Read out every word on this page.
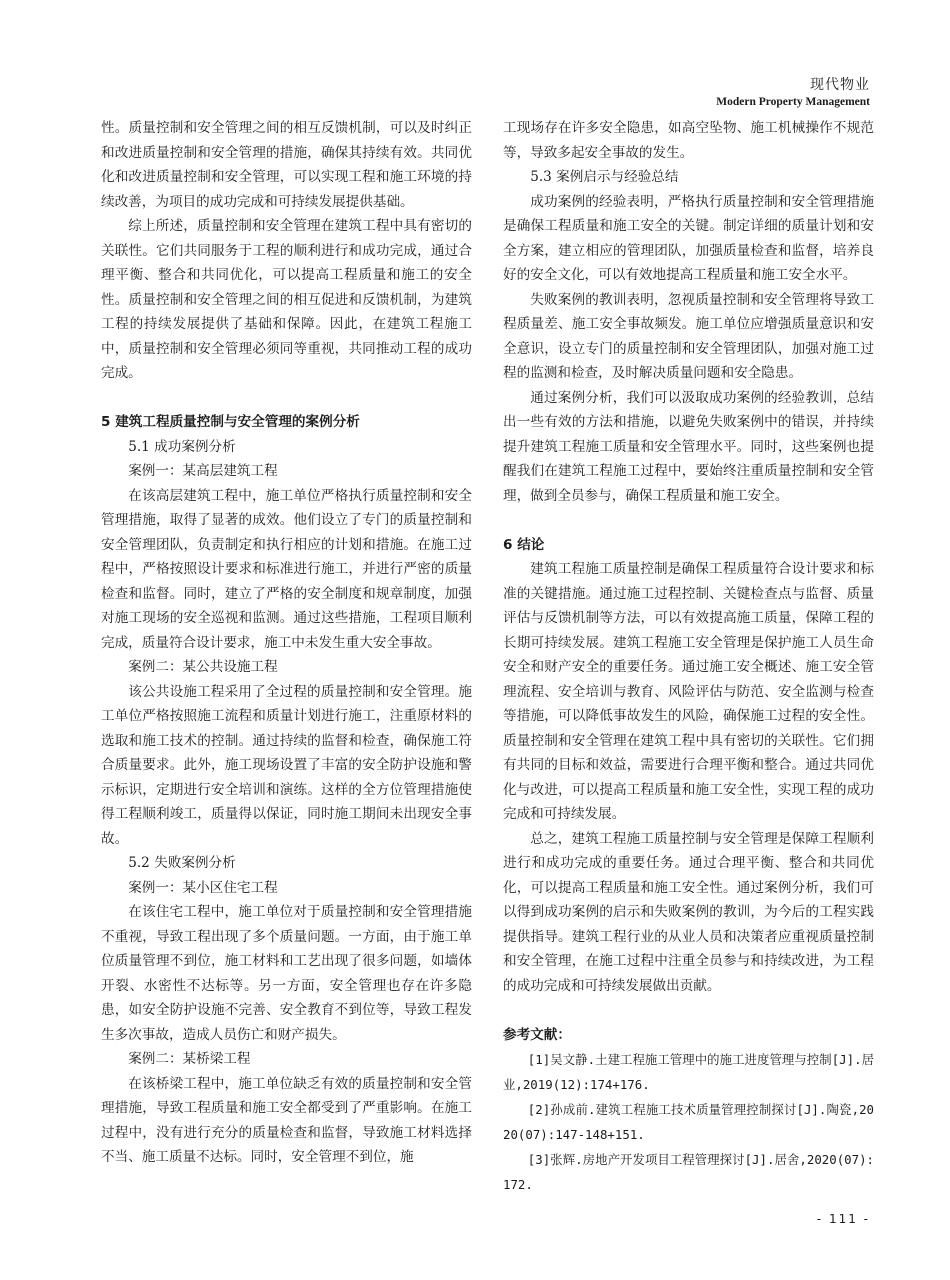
现代物业
Modern Property Management

性。质量控制和安全管理之间的相互反馈机制，可以及时纠正和改进质量控制和安全管理的措施，确保其持续有效。共同优化和改进质量控制和安全管理，可以实现工程和施工环境的持续改善，为项目的成功完成和可持续发展提供基础。

综上所述，质量控制和安全管理在建筑工程中具有密切的关联性。它们共同服务于工程的顺利进行和成功完成，通过合理平衡、整合和共同优化，可以提高工程质量和施工的安全性。质量控制和安全管理之间的相互促进和反馈机制，为建筑工程的持续发展提供了基础和保障。因此，在建筑工程施工中，质量控制和安全管理必须同等重视，共同推动工程的成功完成。

5 建筑工程质量控制与安全管理的案例分析

5.1 成功案例分析

案例一：某高层建筑工程

在该高层建筑工程中，施工单位严格执行质量控制和安全管理措施，取得了显著的成效。他们设立了专门的质量控制和安全管理团队，负责制定和执行相应的计划和措施。在施工过程中，严格按照设计要求和标准进行施工，并进行严密的质量检查和监督。同时，建立了严格的安全制度和规章制度，加强对施工现场的安全巡视和监测。通过这些措施，工程项目顺利完成，质量符合设计要求，施工中未发生重大安全事故。

案例二：某公共设施工程

该公共设施工程采用了全过程的质量控制和安全管理。施工单位严格按照施工流程和质量计划进行施工，注重原材料的选取和施工技术的控制。通过持续的监督和检查，确保施工符合质量要求。此外，施工现场设置了丰富的安全防护设施和警示标识，定期进行安全培训和演练。这样的全方位管理措施使得工程顺利竣工，质量得以保证，同时施工期间未出现安全事故。

5.2 失败案例分析

案例一：某小区住宅工程

在该住宅工程中，施工单位对于质量控制和安全管理措施不重视，导致工程出现了多个质量问题。一方面，由于施工单位质量管理不到位，施工材料和工艺出现了很多问题，如墙体开裂、水密性不达标等。另一方面，安全管理也存在许多隐患，如安全防护设施不完善、安全教育不到位等，导致工程发生多次事故，造成人员伤亡和财产损失。

案例二：某桥梁工程

在该桥梁工程中，施工单位缺乏有效的质量控制和安全管理措施，导致工程质量和施工安全都受到了严重影响。在施工过程中，没有进行充分的质量检查和监督，导致施工材料选择不当、施工质量不达标。同时，安全管理不到位，施

工现场存在许多安全隐患，如高空坠物、施工机械操作不规范等，导致多起安全事故的发生。

5.3 案例启示与经验总结

成功案例的经验表明，严格执行质量控制和安全管理措施是确保工程质量和施工安全的关键。制定详细的质量计划和安全方案，建立相应的管理团队，加强质量检查和监督，培养良好的安全文化，可以有效地提高工程质量和施工安全水平。

失败案例的教训表明，忽视质量控制和安全管理将导致工程质量差、施工安全事故频发。施工单位应增强质量意识和安全意识，设立专门的质量控制和安全管理团队，加强对施工过程的监测和检查，及时解决质量问题和安全隐患。

通过案例分析，我们可以汲取成功案例的经验教训，总结出一些有效的方法和措施，以避免失败案例中的错误，并持续提升建筑工程施工质量和安全管理水平。同时，这些案例也提醒我们在建筑工程施工过程中，要始终注重质量控制和安全管理，做到全员参与，确保工程质量和施工安全。

6 结论

建筑工程施工质量控制是确保工程质量符合设计要求和标准的关键措施。通过施工过程控制、关键检查点与监督、质量评估与反馈机制等方法，可以有效提高施工质量，保障工程的长期可持续发展。建筑工程施工安全管理是保护施工人员生命安全和财产安全的重要任务。通过施工安全概述、施工安全管理流程、安全培训与教育、风险评估与防范、安全监测与检查等措施，可以降低事故发生的风险，确保施工过程的安全性。质量控制和安全管理在建筑工程中具有密切的关联性。它们拥有共同的目标和效益，需要进行合理平衡和整合。通过共同优化与改进，可以提高工程质量和施工安全性，实现工程的成功完成和可持续发展。

总之，建筑工程施工质量控制与安全管理是保障工程顺利进行和成功完成的重要任务。通过合理平衡、整合和共同优化，可以提高工程质量和施工安全性。通过案例分析，我们可以得到成功案例的启示和失败案例的教训，为今后的工程实践提供指导。建筑工程行业的从业人员和决策者应重视质量控制和安全管理，在施工过程中注重全员参与和持续改进，为工程的成功完成和可持续发展做出贡献。

参考文献：

[1]吴文静.土建工程施工管理中的施工进度管理与控制[J].居业,2019(12):174+176.

[2]孙成前.建筑工程施工技术质量管理控制探讨[J].陶瓷,2020(07):147-148+151.

[3]张辉.房地产开发项目工程管理探讨[J].居舍,2020(07):172.

- 111 -
